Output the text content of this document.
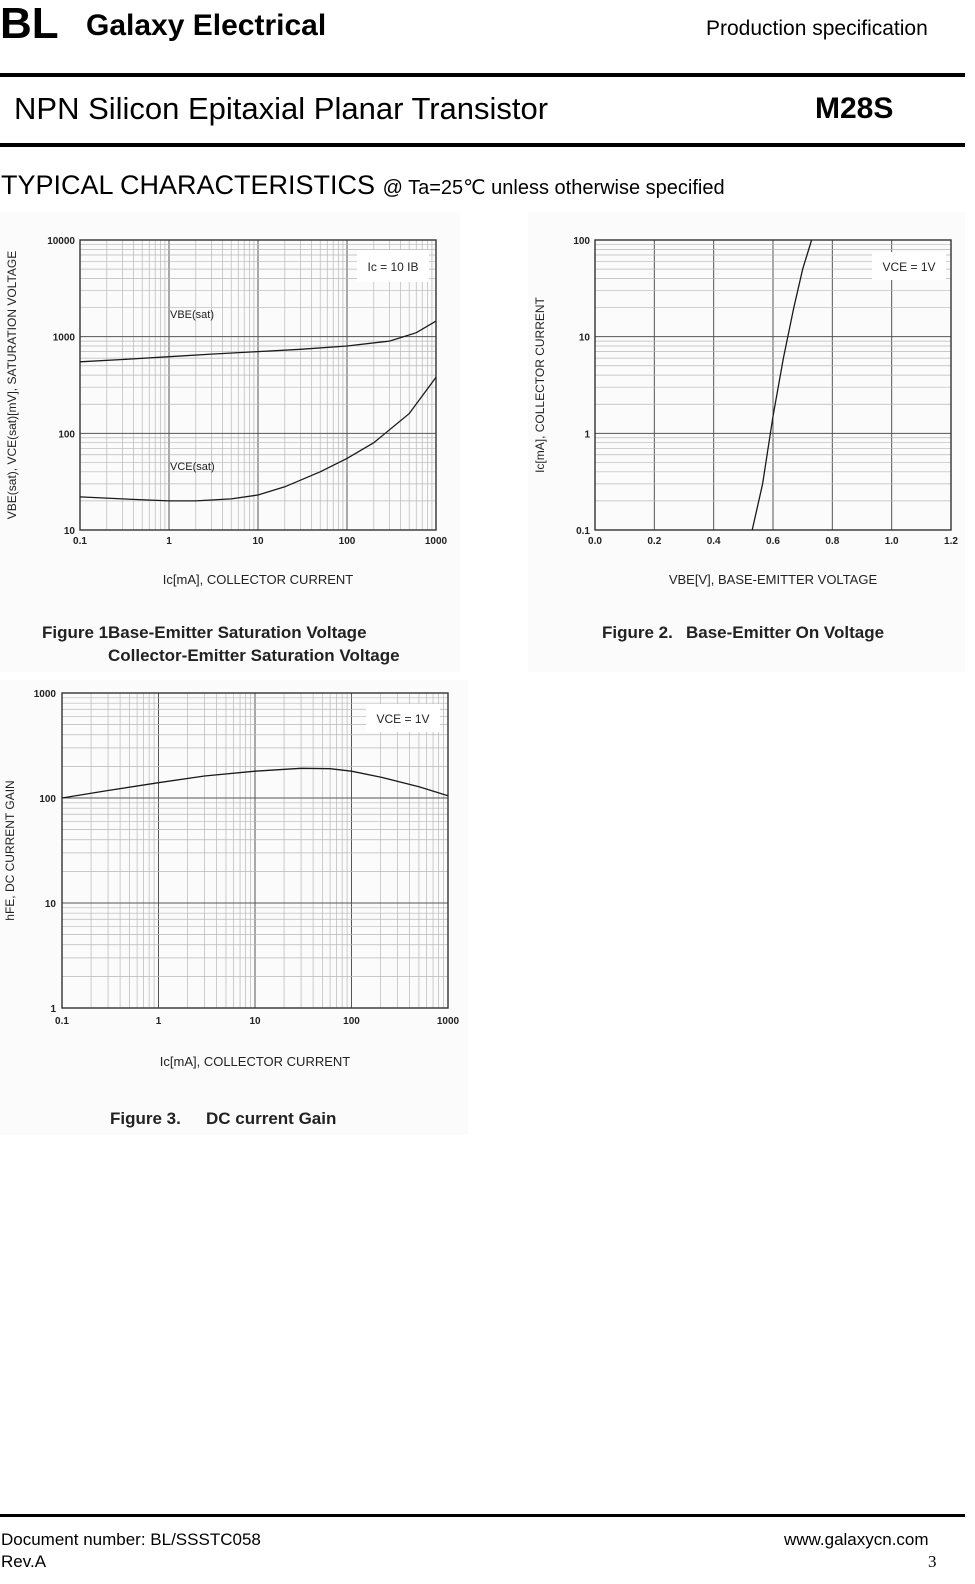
BL Galaxy Electrical	Production specification
NPN Silicon Epitaxial Planar Transistor	M28S
TYPICAL CHARACTERISTICS @ Ta=25℃ unless otherwise specified
0.1	1	10	100	1000
10
100
1000
10000
Ic[mA], COLLECTOR CURRENT
VBE(sat), VCE(sat)[mV], SATURATION VOLTAGE	Ic = 10 IB
VBE(sat)
VCE(sat)
Figure 1.
Base-Emitter Saturation Voltage
Collector-Emitter Saturation Voltage
0.0	0.2	0.4	0.6	0.8	1.0	1.2
0.1
1
10
100
VBE[V], BASE-EMITTER VOLTAGE
Ic[mA], COLLECTOR CURRENT
VCE = 1V
Figure 2. Base-Emitter On Voltage
0.1	1	10	100	1000
1
10
100
1000
Ic[mA], COLLECTOR CURRENT
hFE, DC CURRENT GAIN
VCE = 1V
Figure 3. DC current Gain
Document number: BL/SSSTC058	www.galaxycn.com
Rev.A	3
